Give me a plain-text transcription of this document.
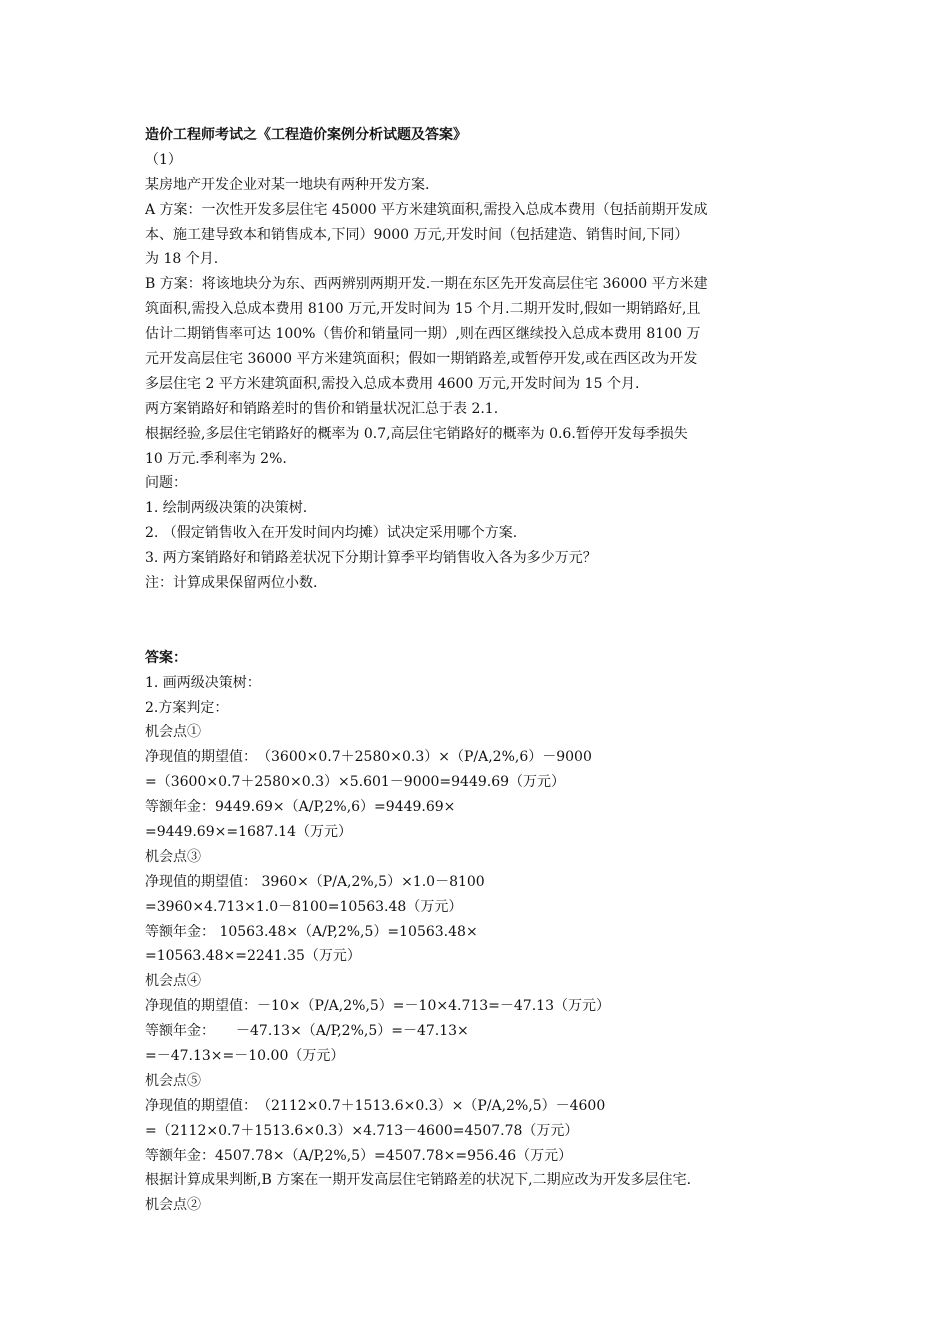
造价工程师考试之《工程造价案例分析试题及答案》
（1）
某房地产开发企业对某一地块有两种开发方案.
A 方案：一次性开发多层住宅 45000 平方米建筑面积,需投入总成本费用（包括前期开发成
本、施工建导致本和销售成本,下同）9000 万元,开发时间（包括建造、销售时间,下同）
为 18 个月.
B 方案：将该地块分为东、西两辨别两期开发.一期在东区先开发高层住宅 36000 平方米建
筑面积,需投入总成本费用 8100 万元,开发时间为 15 个月.二期开发时,假如一期销路好,且
估计二期销售率可达 100%（售价和销量同一期）,则在西区继续投入总成本费用 8100 万
元开发高层住宅 36000 平方米建筑面积；假如一期销路差,或暂停开发,或在西区改为开发
多层住宅 2 平方米建筑面积,需投入总成本费用 4600 万元,开发时间为 15 个月.
两方案销路好和销路差时的售价和销量状况汇总于表 2.1.
根据经验,多层住宅销路好的概率为 0.7,高层住宅销路好的概率为 0.6.暂停开发每季损失
10 万元.季利率为 2%.
问题：
1. 绘制两级决策的决策树.
2. （假定销售收入在开发时间内均摊）试决定采用哪个方案.
3. 两方案销路好和销路差状况下分期计算季平均销售收入各为多少万元？
注：计算成果保留两位小数.
答案：
1. 画两级决策树：
2.方案判定：
机会点①
净现值的期望值：　（3600×0.7＋2580×0.3）×（P/A,2%,6）－9000
=（3600×0.7＋2580×0.3）×5.601－9000=9449.69（万元）
等额年金：9449.69×（A/P,2%,6）=9449.69×
=9449.69×=1687.14（万元）
机会点③
净现值的期望值： 3960×（P/A,2%,5）×1.0－8100
=3960×4.713×1.0－8100=10563.48（万元）
等额年金： 10563.48×（A/P,2%,5）=10563.48×
=10563.48×=2241.35（万元）
机会点④
净现值的期望值：－10×（P/A,2%,5）=－10×4.713=－47.13（万元）
等额年金：　　－47.13×（A/P,2%,5）=－47.13×
=－47.13×=－10.00（万元）
机会点⑤
净现值的期望值：　（2112×0.7＋1513.6×0.3）×（P/A,2%,5）－4600
=（2112×0.7＋1513.6×0.3）×4.713－4600=4507.78（万元）
等额年金：4507.78×（A/P,2%,5）=4507.78×=956.46（万元）
根据计算成果判断,B 方案在一期开发高层住宅销路差的状况下,二期应改为开发多层住宅.
机会点②
